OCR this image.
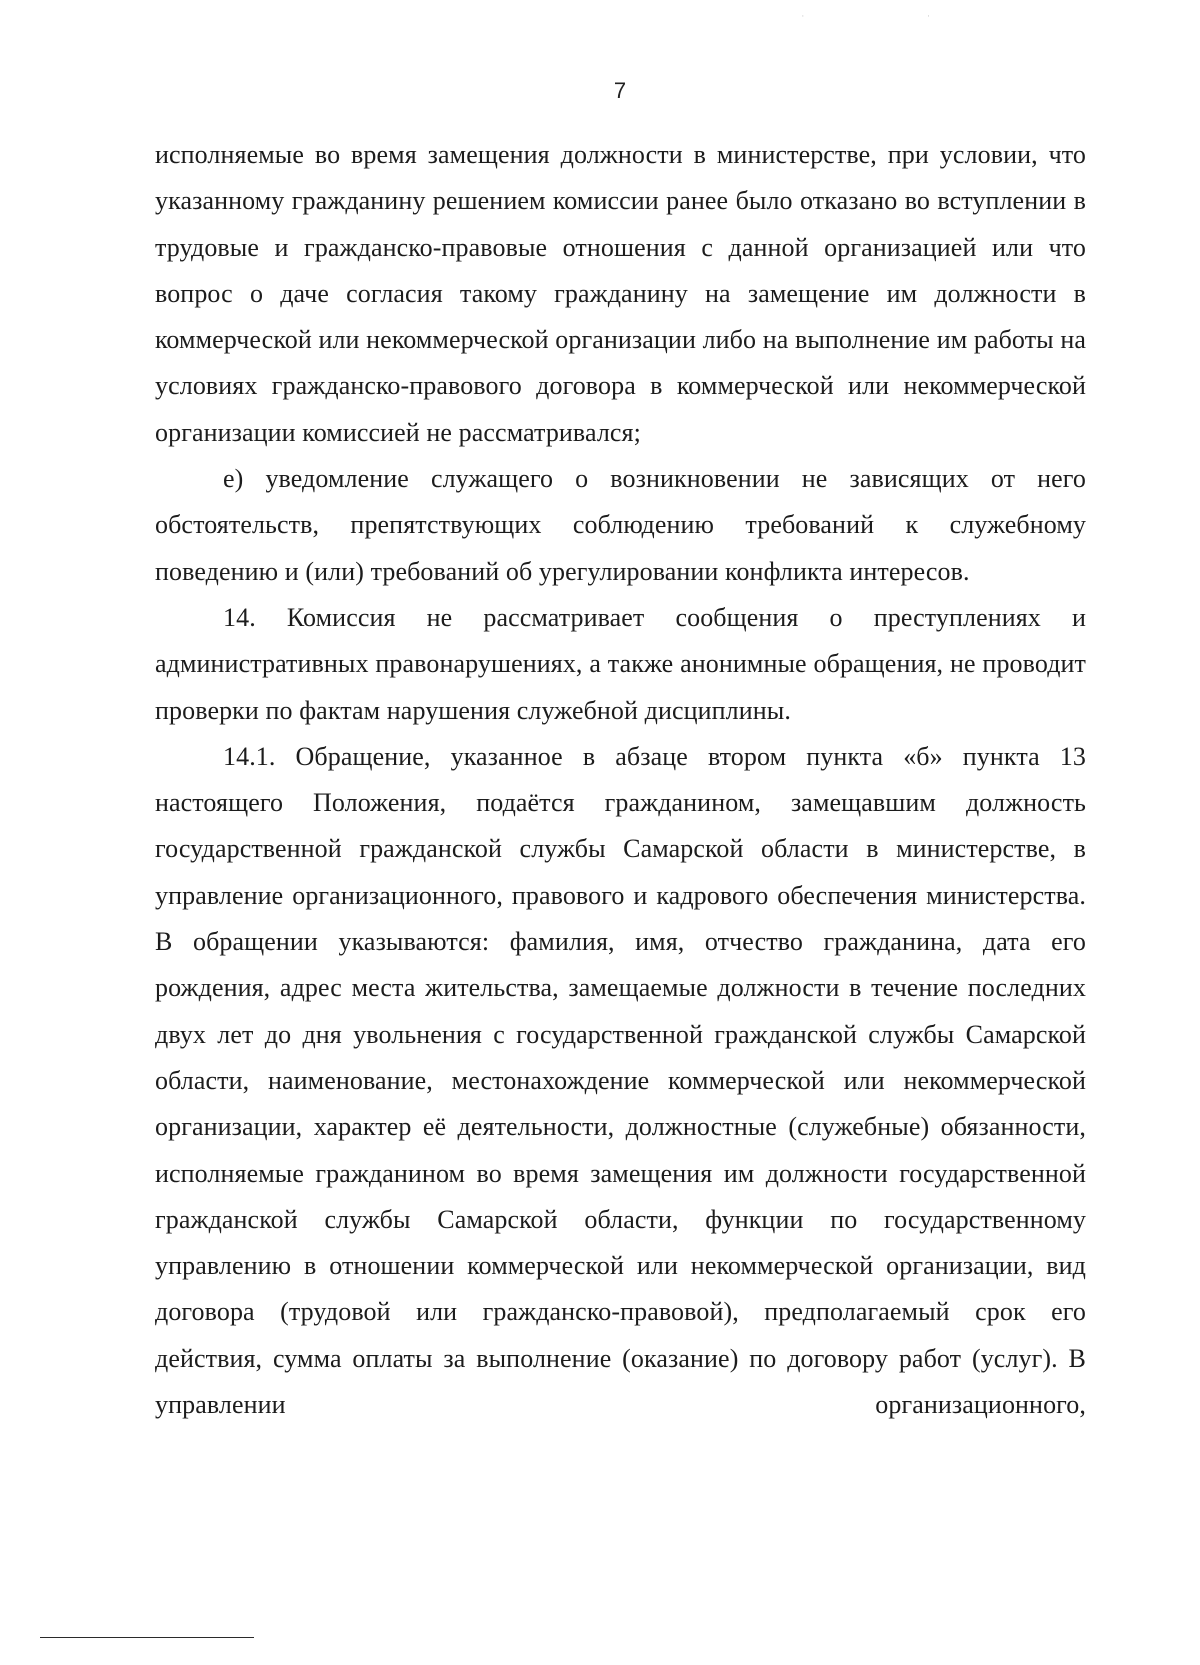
· ·
7

исполняемые во время замещения должности в министерстве, при условии, что указанному гражданину решением комиссии ранее было отказано во вступлении в трудовые и гражданско-правовые отношения с данной организацией или что вопрос о даче согласия такому гражданину на замещение им должности в коммерческой или некоммерческой организации либо на выполнение им работы на условиях гражданско-правового договора в коммерческой или некоммерческой организации комиссией не рассматривался;

е) уведомление служащего о возникновении не зависящих от него обстоятельств, препятствующих соблюдению требований к служебному поведению и (или) требований об урегулировании конфликта интересов.

14. Комиссия не рассматривает сообщения о преступлениях и административных правонарушениях, а также анонимные обращения, не проводит проверки по фактам нарушения служебной дисциплины.

14.1. Обращение, указанное в абзаце втором пункта «б» пункта 13 настоящего Положения, подаётся гражданином, замещавшим должность государственной гражданской службы Самарской области в министерстве, в управление организационного, правового и кадрового обеспечения министерства. В обращении указываются: фамилия, имя, отчество гражданина, дата его рождения, адрес места жительства, замещаемые должности в течение последних двух лет до дня увольнения с государственной гражданской службы Самарской области, наименование, местонахождение коммерческой или некоммерческой организации, характер её деятельности, должностные (служебные) обязанности, исполняемые гражданином во время замещения им должности государственной гражданской службы Самарской области, функции по государственному управлению в отношении коммерческой или некоммерческой организации, вид договора (трудовой или гражданско-правовой), предполагаемый срок его действия, сумма оплаты за выполнение (оказание) по договору работ (услуг). В управлении организационного,
